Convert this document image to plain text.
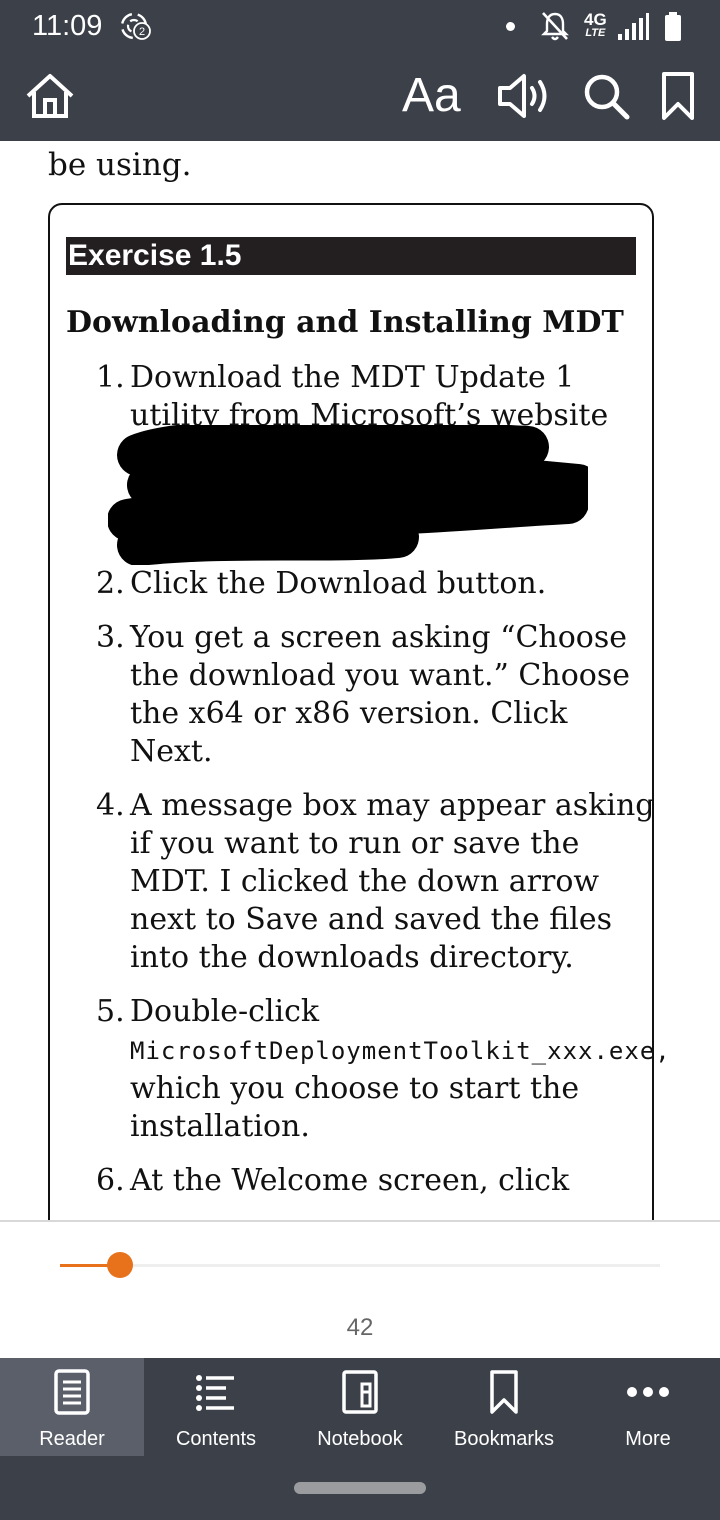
11:09	2
4G
LTE
Aa
be using.
Exercise 1.5
Downloading and Installing MDT
1. Download the MDT Update 1 utility from Microsoft’s website
2. Click the Download button.
3. You get a screen asking “Choose the download you want.” Choose the x64 or x86 version. Click Next.
4. A message box may appear asking if you want to run or save the MDT. I clicked the down arrow next to Save and saved the files into the downloads directory.
5. Double-click
MicrosoftDeploymentToolkit_xxx.exe,
which you choose to start the installation.
6. At the Welcome screen, click
42
Reader	Contents	Notebook	Bookmarks	More
